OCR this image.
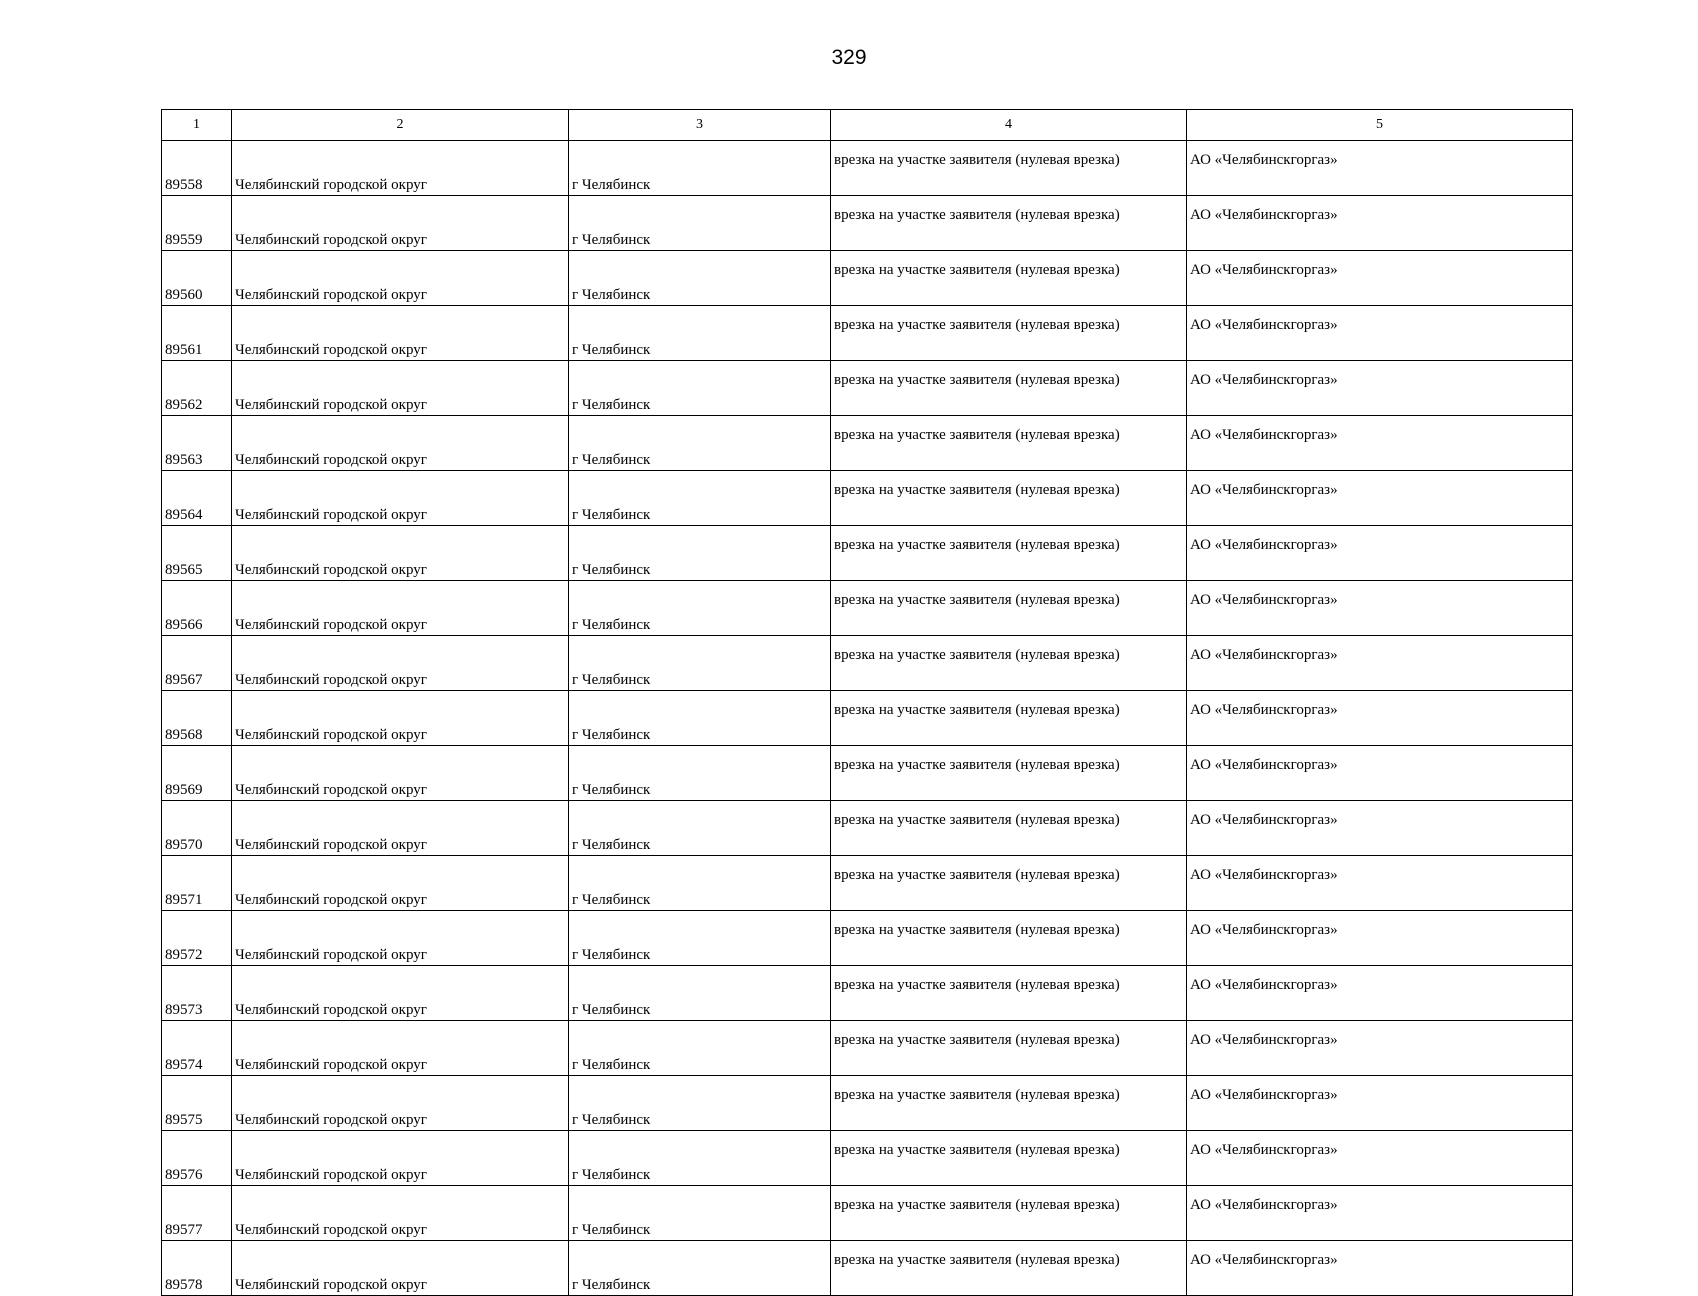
329
1	2	3	4	5
89558	Челябинский городской округ	г Челябинск	врезка на участке заявителя (нулевая врезка)	АО «Челябинскгоргаз»
89559	Челябинский городской округ	г Челябинск	врезка на участке заявителя (нулевая врезка)	АО «Челябинскгоргаз»
89560	Челябинский городской округ	г Челябинск	врезка на участке заявителя (нулевая врезка)	АО «Челябинскгоргаз»
89561	Челябинский городской округ	г Челябинск	врезка на участке заявителя (нулевая врезка)	АО «Челябинскгоргаз»
89562	Челябинский городской округ	г Челябинск	врезка на участке заявителя (нулевая врезка)	АО «Челябинскгоргаз»
89563	Челябинский городской округ	г Челябинск	врезка на участке заявителя (нулевая врезка)	АО «Челябинскгоргаз»
89564	Челябинский городской округ	г Челябинск	врезка на участке заявителя (нулевая врезка)	АО «Челябинскгоргаз»
89565	Челябинский городской округ	г Челябинск	врезка на участке заявителя (нулевая врезка)	АО «Челябинскгоргаз»
89566	Челябинский городской округ	г Челябинск	врезка на участке заявителя (нулевая врезка)	АО «Челябинскгоргаз»
89567	Челябинский городской округ	г Челябинск	врезка на участке заявителя (нулевая врезка)	АО «Челябинскгоргаз»
89568	Челябинский городской округ	г Челябинск	врезка на участке заявителя (нулевая врезка)	АО «Челябинскгоргаз»
89569	Челябинский городской округ	г Челябинск	врезка на участке заявителя (нулевая врезка)	АО «Челябинскгоргаз»
89570	Челябинский городской округ	г Челябинск	врезка на участке заявителя (нулевая врезка)	АО «Челябинскгоргаз»
89571	Челябинский городской округ	г Челябинск	врезка на участке заявителя (нулевая врезка)	АО «Челябинскгоргаз»
89572	Челябинский городской округ	г Челябинск	врезка на участке заявителя (нулевая врезка)	АО «Челябинскгоргаз»
89573	Челябинский городской округ	г Челябинск	врезка на участке заявителя (нулевая врезка)	АО «Челябинскгоргаз»
89574	Челябинский городской округ	г Челябинск	врезка на участке заявителя (нулевая врезка)	АО «Челябинскгоргаз»
89575	Челябинский городской округ	г Челябинск	врезка на участке заявителя (нулевая врезка)	АО «Челябинскгоргаз»
89576	Челябинский городской округ	г Челябинск	врезка на участке заявителя (нулевая врезка)	АО «Челябинскгоргаз»
89577	Челябинский городской округ	г Челябинск	врезка на участке заявителя (нулевая врезка)	АО «Челябинскгоргаз»
89578	Челябинский городской округ	г Челябинск	врезка на участке заявителя (нулевая врезка)	АО «Челябинскгоргаз»
